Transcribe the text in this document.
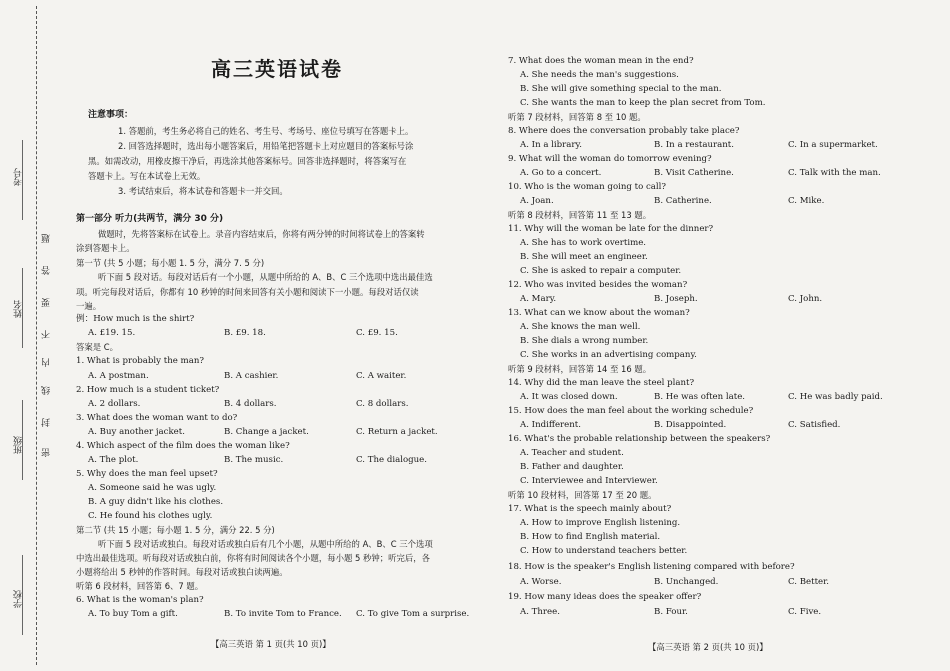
考号
姓名
班级
学校
题
答
要
不
内
线
封
密
高三英语试卷
注意事项：
1. 答题前，考生务必将自己的姓名、考生号、考场号、座位号填写在答题卡上。
2. 回答选择题时，选出每小题答案后，用铅笔把答题卡上对应题目的答案标号涂
黑。如需改动，用橡皮擦干净后，再选涂其他答案标号。回答非选择题时，将答案写在
答题卡上。写在本试卷上无效。
3. 考试结束后，将本试卷和答题卡一并交回。
第一部分 听力(共两节，满分 30 分)
做题时，先将答案标在试卷上。录音内容结束后，你将有两分钟的时间将试卷上的答案转
涂到答题卡上。
第一节 (共 5 小题；每小题 1. 5 分，满分 7. 5 分)
听下面 5 段对话。每段对话后有一个小题，从题中所给的 A、B、C 三个选项中选出最佳选
项。听完每段对话后，你都有 10 秒钟的时间来回答有关小题和阅读下一小题。每段对话仅读
一遍。
例：How much is the shirt?
A. £19. 15.	B. £9. 18.	C. £9. 15.
答案是 C。
1. What is probably the man?
A. A postman.	B. A cashier.	C. A waiter.
2. How much is a student ticket?
A. 2 dollars.	B. 4 dollars.	C. 8 dollars.
3. What does the woman want to do?
A. Buy another jacket.	B. Change a jacket.	C. Return a jacket.
4. Which aspect of the film does the woman like?
A. The plot.	B. The music.	C. The dialogue.
5. Why does the man feel upset?
A. Someone said he was ugly.
B. A guy didn't like his clothes.
C. He found his clothes ugly.
第二节 (共 15 小题；每小题 1. 5 分，满分 22. 5 分)
听下面 5 段对话或独白。每段对话或独白后有几个小题，从题中所给的 A、B、C 三个选项
中选出最佳选项。听每段对话或独白前，你将有时间阅读各个小题，每小题 5 秒钟；听完后，各
小题将给出 5 秒钟的作答时间。每段对话或独白读两遍。
听第 6 段材料，回答第 6、7 题。
6. What is the woman's plan?
A. To buy Tom a gift.	B. To invite Tom to France. C. To give Tom a surprise.
【高三英语 第 1 页(共 10 页)】
7. What does the woman mean in the end?
A. She needs the man's suggestions.
B. She will give something special to the man.
C. She wants the man to keep the plan secret from Tom.
听第 7 段材料，回答第 8 至 10 题。
8. Where does the conversation probably take place?
A. In a library.	B. In a restaurant.	C. In a supermarket.
9. What will the woman do tomorrow evening?
A. Go to a concert.	B. Visit Catherine.	C. Talk with the man.
10. Who is the woman going to call?
A. Joan.	B. Catherine.	C. Mike.
听第 8 段材料，回答第 11 至 13 题。
11. Why will the woman be late for the dinner?
A. She has to work overtime.
B. She will meet an engineer.
C. She is asked to repair a computer.
12. Who was invited besides the woman?
A. Mary.	B. Joseph.	C. John.
13. What can we know about the woman?
A. She knows the man well.
B. She dials a wrong number.
C. She works in an advertising company.
听第 9 段材料，回答第 14 至 16 题。
14. Why did the man leave the steel plant?
A. It was closed down.	B. He was often late.	C. He was badly paid.
15. How does the man feel about the working schedule?
A. Indifferent.	B. Disappointed.	C. Satisfied.
16. What's the probable relationship between the speakers?
A. Teacher and student.
B. Father and daughter.
C. Interviewee and Interviewer.
听第 10 段材料，回答第 17 至 20 题。
17. What is the speech mainly about?
A. How to improve English listening.
B. How to find English material.
C. How to understand teachers better.
18. How is the speaker's English listening compared with before?
A. Worse.	B. Unchanged.	C. Better.
19. How many ideas does the speaker offer?
A. Three.	B. Four.	C. Five.
【高三英语 第 2 页(共 10 页)】
